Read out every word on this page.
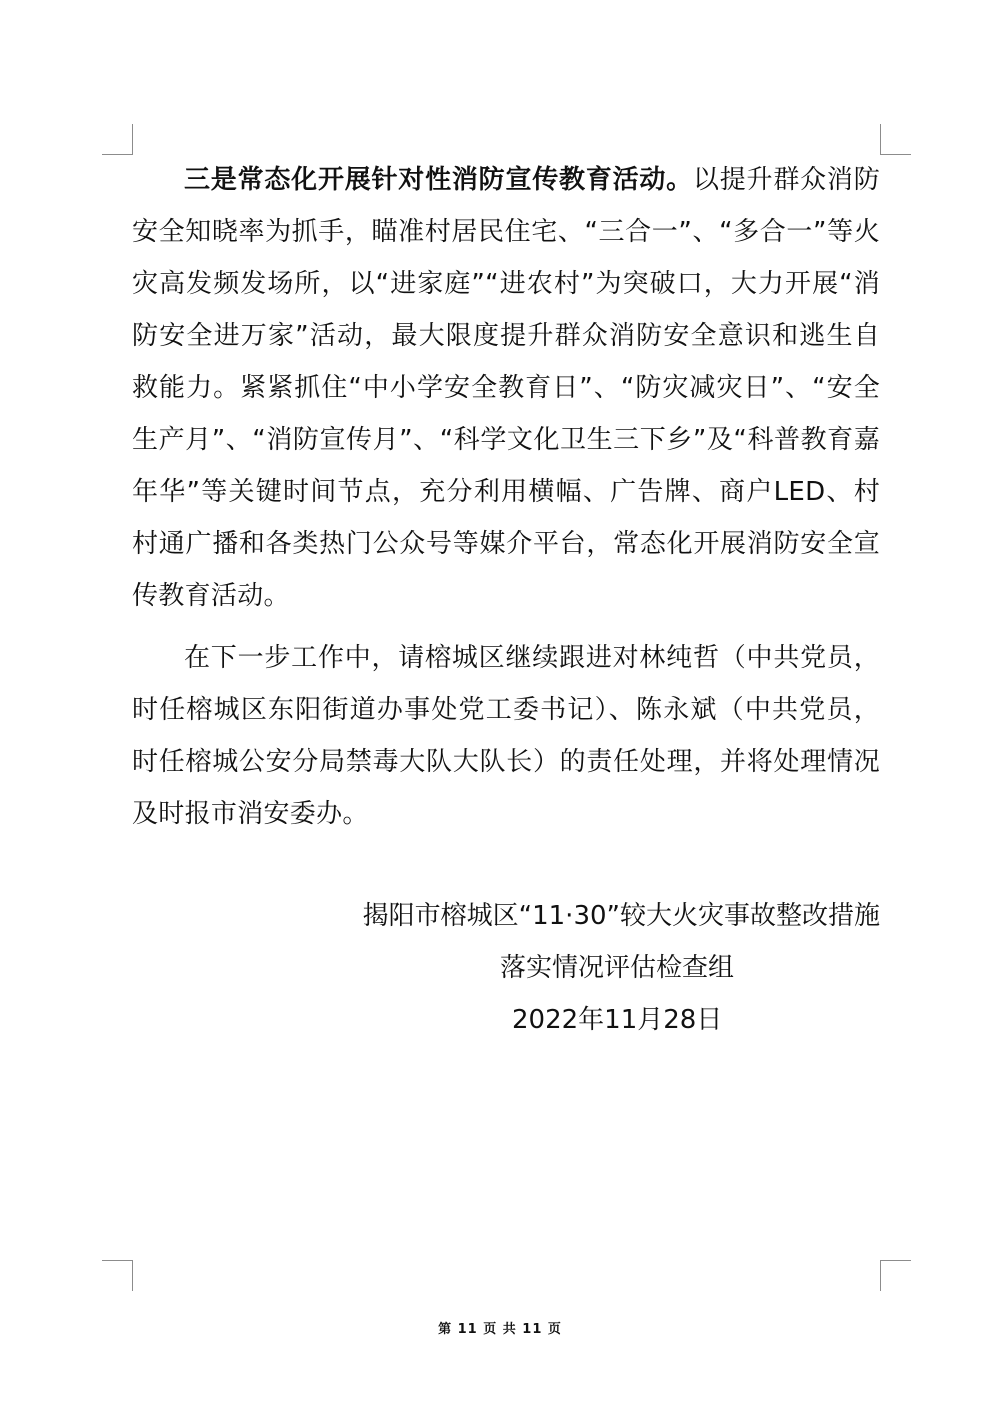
三是常态化开展针对性消防宣传教育活动。以提升群众消防安全知晓率为抓手，瞄准村居民住宅、“三合一”、“多合一”等火灾高发频发场所，以“进家庭”“进农村”为突破口，大力开展“消防安全进万家”活动，最大限度提升群众消防安全意识和逃生自救能力。紧紧抓住“中小学安全教育日”、“防灾减灾日”、“安全生产月”、“消防宣传月”、“科学文化卫生三下乡”及“科普教育嘉年华”等关键时间节点，充分利用横幅、广告牌、商户LED、村村通广播和各类热门公众号等媒介平台，常态化开展消防安全宣传教育活动。

在下一步工作中，请榕城区继续跟进对林纯哲（中共党员，时任榕城区东阳街道办事处党工委书记）、陈永斌（中共党员，时任榕城公安分局禁毒大队大队长）的责任处理，并将处理情况及时报市消安委办。

揭阳市榕城区“11·30”较大火灾事故整改措施
落实情况评估检查组
2022年11月28日
第 11 页 共 11 页
